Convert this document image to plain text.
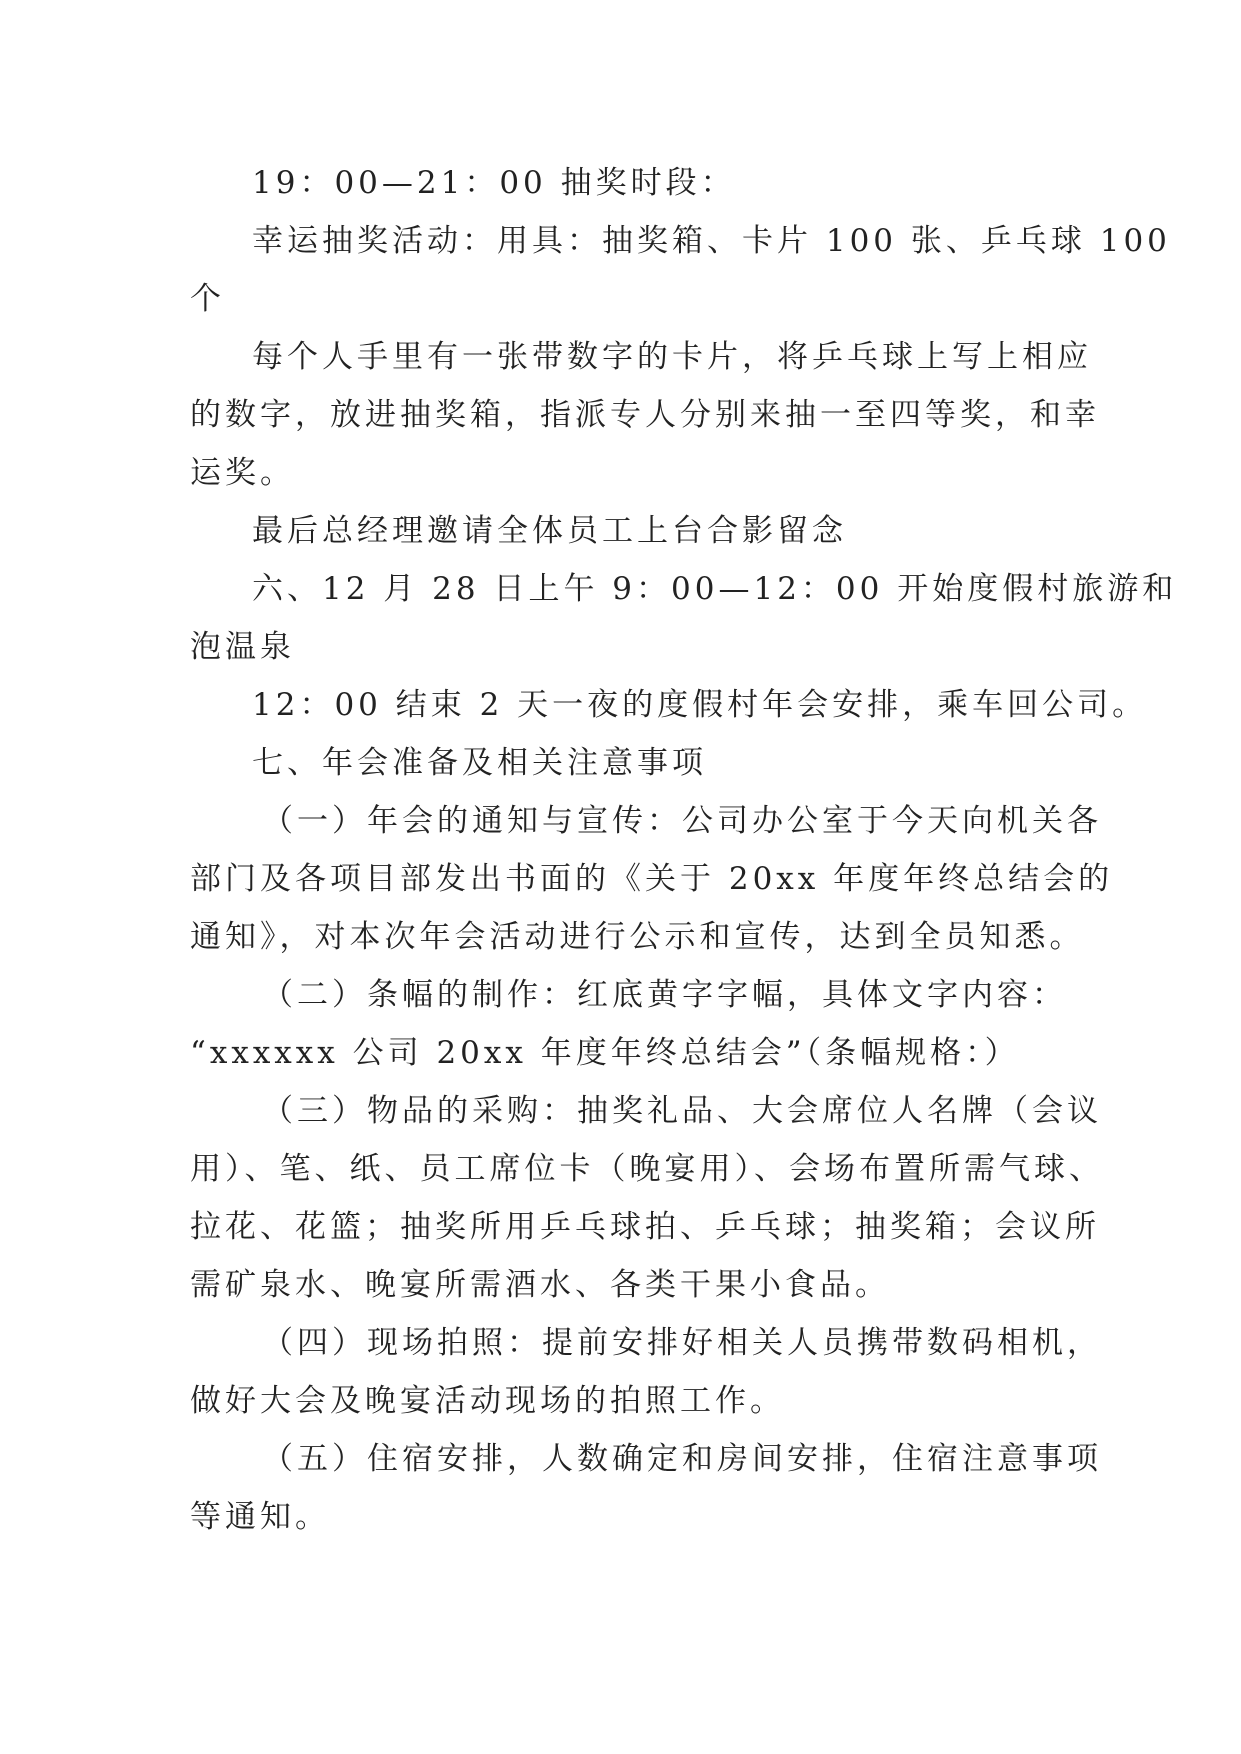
19：00—21：00 抽奖时段：

幸运抽奖活动：用具：抽奖箱、卡片 100 张、乒乓球 100

个

每个人手里有一张带数字的卡片，将乒乓球上写上相应

的数字，放进抽奖箱，指派专人分别来抽一至四等奖，和幸

运奖。

最后总经理邀请全体员工上台合影留念

六、12 月 28 日上午 9：00—12：00 开始度假村旅游和

泡温泉

12：00 结束 2 天一夜的度假村年会安排，乘车回公司。

七、年会准备及相关注意事项

（一）年会的通知与宣传：公司办公室于今天向机关各

部门及各项目部发出书面的《关于 20xx 年度年终总结会的

通知》，对本次年会活动进行公示和宣传，达到全员知悉。

（二）条幅的制作：红底黄字字幅，具体文字内容：

“xxxxxx 公司 20xx 年度年终总结会”（条幅规格：）

（三）物品的采购：抽奖礼品、大会席位人名牌（会议

用）、笔、纸、员工席位卡（晚宴用）、会场布置所需气球、

拉花、花篮；抽奖所用乒乓球拍、乒乓球；抽奖箱；会议所

需矿泉水、晚宴所需酒水、各类干果小食品。

（四）现场拍照：提前安排好相关人员携带数码相机，

做好大会及晚宴活动现场的拍照工作。

（五）住宿安排，人数确定和房间安排，住宿注意事项

等通知。
